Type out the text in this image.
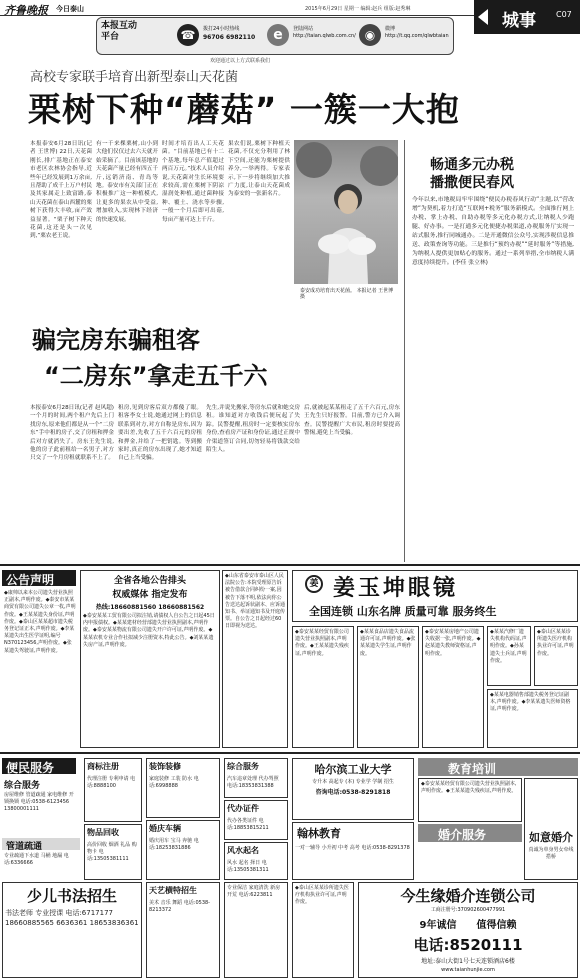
齐鲁晚报 今日泰山	2015年6月29日 星期一 编辑:赵兵 组版:赵秀琳
城事	C07
本报互动平台	☎	拨打24小时热线
96706 6982110	e	登陆网站
http://taian.qlwb.com.cn/ ◉	微博
http://t.qq.com/qlwbtaian
欢迎通过以上方式联系我们
高校专家联手培育出新型泰山天花菌
栗树下种“蘑菇” 一簇一大抱
本报泰安6月28日讯(记者 王世博) 22日,天花菌刚长,排广基地正在泰安市老区农林协会指导,近些年已经发展到1万余亩,且帮助了成千上万户村民及其家属走上致富路,泰山天花菌在泰山西麓的栗树下获得大丰收,亩产效益显著。“栗子树下种天花菌,这还是头一次见到,”栗农老王说。
有一千来棵栗树,山小到大他们仅仅过去六天就开始采摘了。目前该基地的天花菌产量已经有四五千斤,远销济南、青岛等地。泰安市有关部门正在积极推广这一种植模式,让更多的果农从中受益,增加收入,实现林下经济的快速发展。
时间才培育出人工天花菌。“目前基地已有十二个基地,每年总产值超过两百万元。”技术人员介绍说,天花菌对生长环境要求较高,需在栗树下阴凉湿润处种植,通过菌种接种、覆土、浇水等步骤,一般一个月后即可出菇,每亩产量可达上千斤。
果农们说,栗树下种植天花菌,不仅充分利用了林下空间,还能为栗树提供养分,一举两得。专家表示,下一步将继续加大推广力度,让泰山天花菌成为泰安的一张新名片。
泰安成功培育出天花菌。 本报记者 王世博 摄
畅通多元办税
播撒便民春风
今年以来,市地税局牢牢围绕“便民办税春风行动”主题,以“营改增”为契机,着力打造“互联网+税务”服务新模式。全面推行网上办税、掌上办税、自助办税等多元化办税方式,让纳税人少跑腿、好办事。一是打通多元化便捷办税渠道,办税服务厅实现一站式服务,推行同城通办。二是开通微信公众号,实现涉税信息推送、政策查询等功能。三是推行“预约办税”“延时服务”等措施,为纳税人提供更加贴心的服务。通过一系列举措,全市纳税人满意度持续提升。(李佳 张立林)
骗完房东骗租客
“二房东”拿走五千六
本报泰安6月28日讯(记者 赵风超) 一个月的时间,两个租户先后上门找房东,原来他们都是从一个“二房东”手中租的房子,交了房租和押金后对方就消失了。房东王先生说,他的房子此前租给一名男子,对方只交了一个月房租就联系不上了。
租房,见到房客后双方都傻了眼。租客李女士说,她通过网上的信息联系到对方,对方自称是房东,因为要出差,先收了五千六百元的房租和押金,并给了一把钥匙。等到搬家时,真正的房东出现了,她才知道自己上当受骗。
先生,并说先搬家,等房东后就和她交房租。谁知道对方收钱后便玩起了失踪。民警提醒,租房时一定要核实房东身份,查看房产证和身份证,通过正规中介渠道签订合同,切勿轻易将钱款交给陌生人。
后,就被起某某租走了五千六百元,房东王先生只好报警。目前,警方已介入调查。民警提醒广大市民,租房时要提高警惕,避免上当受骗。
公告声明
◆康帅以来本公司遗失营业执照正副本,声明作废。◆泰安市某某商贸有限公司遗失公章一枚,声明作废。◆王某某遗失身份证,声明作废。◆泰山区某某超市遗失税务登记证正本,声明作废。◆李某某遗失出生医学证明,编号N370123456,声明作废。◆张某遗失驾驶证,声明作废。
全省各地公告排头
权威媒体 指定发布
热线:18660881560 18660881562
◆泰安某某工贸有限公司拟注销,请债权人自公告之日起45日内申报债权。◆某某建材经营部遗失营业执照副本,声明作废。◆泰安某某物流有限公司遗失开户许可证,声明作废。◆某某农机专业合作社拟减少注册资本,特此公告。◆刘某某遗失房产证,声明作废。
◆山东省泰安市泰山区人民法院公告:本院受理原告诉被告借款合同纠纷一案,因被告下落不明,依法向你公告送达起诉状副本、应诉通知书、举证通知书及开庭传票。自公告之日起经过60日即视为送达。
姜 姜玉坤眼镜
全国连锁 山东名牌 质量可靠 服务终生
◆泰安某某经贸有限公司遗失营业执照副本,声明作废。◆王某某遗失残疾证,声明作废。
◆某某食品店遗失食品流通许可证,声明作废。◆张某某遗失学生证,声明作废。
◆泰安某某房地产公司遗失收据一张,声明作废。◆赵某遗失教师资格证,声明作废。
◆某某汽修厂遗失机构代码证,声明作废。◆孙某遗失士兵证,声明作废。
◆泰山区某某诊所遗失医疗机构执业许可证,声明作废。
◆某某电器销售部遗失税务登记证副本,声明作废。◆李某某遗失医师资格证,声明作废。
便民服务
综合服务
房屋维修 管道疏通 家电维修 开锁换锁 电话:0538-6123456 13800001111
管道疏通
专业疏通下水道 马桶 地漏 电话:6336666
少儿书法招生
书法老师 专业授课 电话:6717177 18660885565 6636361 18653836361
商标注册
代理注册 专利申请 电话:8888100
物品回收
高价回收 烟酒 礼品 购物卡 电话:13505381111
装饰装修
家庭装修 工装 防水 电话:6998888
婚庆车辆
婚庆用车 宝马 奔驰 电话:18253831886
天艺横特招生
美术 音乐 舞蹈 电话:0538-8213372
综合服务
汽车违章处理 代办驾照 电话:18353831388
代办证件
代办各类证件 电话:18853815211
风水起名
风水 起名 择日 电话:13505381311
专业保洁 家庭清洗 新房开荒 电话:6223811
哈尔滨工业大学
专升本 高起专 (本) 专业学 学制 招生
咨询电话:0538-8291818
翰林教育
一对一辅导 小升初 中考 高考 电话:0538-8291378
◆泰山区某某诊所遗失医疗机构执业许可证,声明作废。
教育培训
◆泰安某某经贸有限公司遗失营业执照副本,声明作废。◆王某某遗失残疾证,声明作废。
婚介服务	如意婚介
真诚为单身男女牵线搭桥
今生缘婚介连锁公司
工商注册号:370902600477991
9年诚信 值得信赖
电话:8520111
地址:泰山大街1号七天连锁酒店6楼
www.taianhunjie.com
